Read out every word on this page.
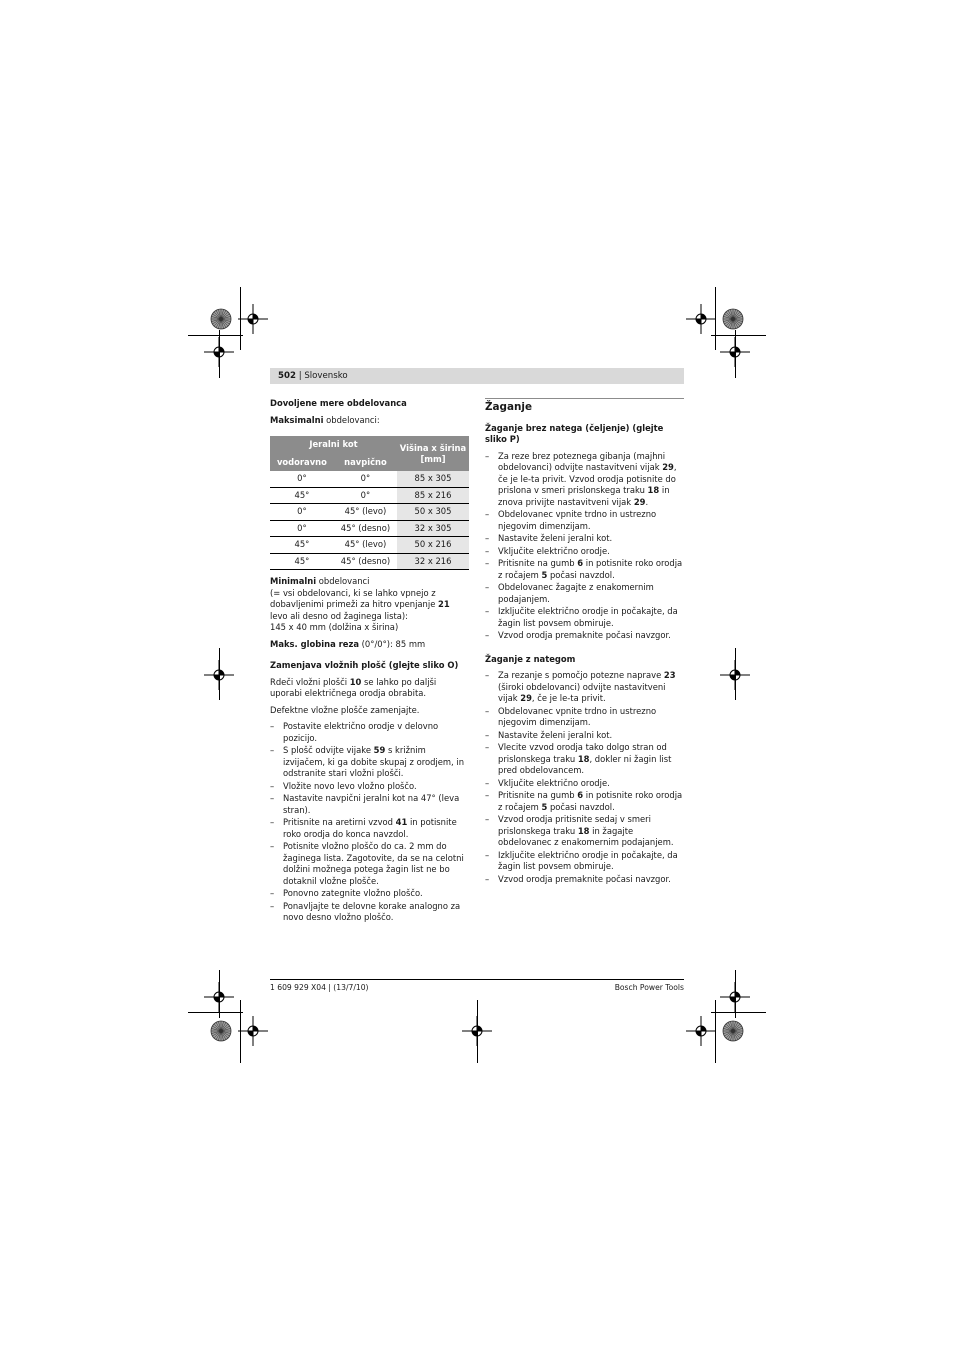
502 | Slovensko
Dovoljene mere obdelovanca

Maksimalni obdelovanci:

Jeralni kot		Višina x širina [mm]
vodoravno	navpično	
0°	0°	85 x 305
45°	0°	85 x 216
0°	45° (levo)	50 x 305
0°	45° (desno)	32 x 305
45°	45° (levo)	50 x 216
45°	45° (desno)	32 x 216

Minimalni obdelovanci
(= vsi obdelovanci, ki se lahko vpnejo z dobavljenimi primeži za hitro vpenjanje 21 levo ali desno od žaginega lista):
145 x 40 mm (dolžina x širina)

Maks. globina reza (0°/0°): 85 mm

Zamenjava vložnih plošč (glejte sliko O)

Rdeči vložni plošči 10 se lahko po daljši uporabi električnega orodja obrabita.

Defektne vložne plošče zamenjajte.

– Postavite električno orodje v delovno pozicijo.
– S plošč odvijte vijake 59 s križnim izvijačem, ki ga dobite skupaj z orodjem, in odstranite stari vložni plošči.
– Vložite novo levo vložno ploščo.
– Nastavite navpični jeralni kot na 47° (leva stran).
– Pritisnite na aretirni vzvod 41 in potisnite roko orodja do konca navzdol.
– Potisnite vložno ploščo do ca. 2 mm do žaginega lista. Zagotovite, da se na celotni dolžini možnega potega žagin list ne bo dotaknil vložne plošče.
– Ponovno zategnite vložno ploščo.
– Ponavljajte te delovne korake analogno za novo desno vložno ploščo.
Žaganje
Žaganje brez natega (čeljenje) (glejte sliko P)
– Za reze brez poteznega gibanja (majhni obdelovanci) odvijte nastavitveni vijak 29, če je le-ta privit. Vzvod orodja potisnite do prislona v smeri prislonskega traku 18 in znova privijte nastavitveni vijak 29.
– Obdelovanec vpnite trdno in ustrezno njegovim dimenzijam.
– Nastavite želeni jeralni kot.
– Vključite električno orodje.
– Pritisnite na gumb 6 in potisnite roko orodja z ročajem 5 počasi navzdol.
– Obdelovanec žagajte z enakomernim podajanjem.
– Izključite električno orodje in počakajte, da žagin list povsem obmiruje.
– Vzvod orodja premaknite počasi navzgor.
Žaganje z nategom
– Za rezanje s pomočjo potezne naprave 23 (široki obdelovanci) odvijte nastavitveni vijak 29, če je le-ta privit.
– Obdelovanec vpnite trdno in ustrezno njegovim dimenzijam.
– Nastavite želeni jeralni kot.
– Vlecite vzvod orodja tako dolgo stran od prislonskega traku 18, dokler ni žagin list pred obdelovancem.
– Vključite električno orodje.
– Pritisnite na gumb 6 in potisnite roko orodja z ročajem 5 počasi navzdol.
– Vzvod orodja pritisnite sedaj v smeri prislonskega traku 18 in žagajte obdelovanec z enakomernim podajanjem.
– Izključite električno orodje in počakajte, da žagin list povsem obmiruje.
– Vzvod orodja premaknite počasi navzgor.
1 609 929 X04 | (13/7/10)	Bosch Power Tools
